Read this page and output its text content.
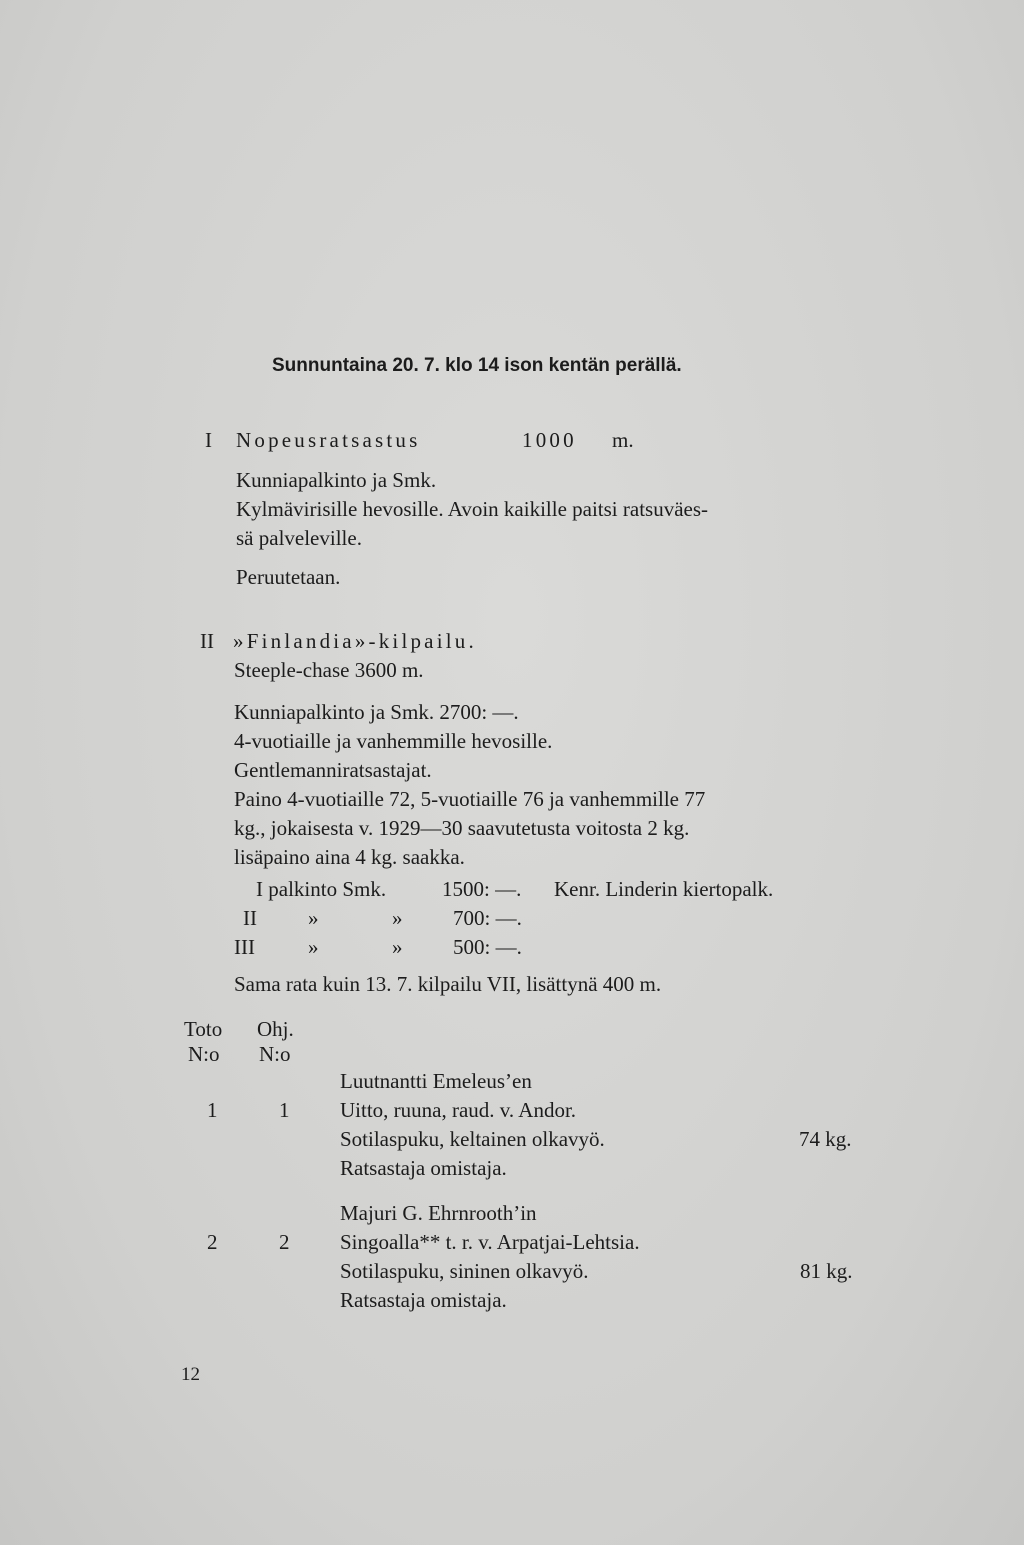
Sunnuntaina 20. 7. klo 14 ison kentän perällä.
I Nopeusratsastus	1000 m.
Kunniapalkinto ja Smk.
Kylmävirisille hevosille. Avoin kaikille paitsi ratsuväes-
sä palveleville.
Peruutetaan.
II »Finlandia»-kilpailu.
Steeple-chase 3600 m.
Kunniapalkinto ja Smk. 2700: —.
4-vuotiaille ja vanhemmille hevosille.
Gentlemanniratsastajat.
Paino 4-vuotiaille 72, 5-vuotiaille 76 ja vanhemmille 77
kg., jokaisesta v. 1929—30 saavutetusta voitosta 2 kg.
lisäpaino aina 4 kg. saakka.
I palkinto Smk.	1500: —. Kenr. Linderin kiertopalk.
II »	» 700: —.
III	»	» 500: —.
Sama rata kuin 13. 7. kilpailu VII, lisättynä 400 m.
Toto Ohj.
N:o N:o
Luutnantti Emeleus’en
1	1 Uitto, ruuna, raud. v. Andor.
Sotilaspuku, keltainen olkavyö.	74 kg.
Ratsastaja omistaja.
Majuri G. Ehrnrooth’in
2	2 Singoalla** t. r. v. Arpatjai-Lehtsia.
Sotilaspuku, sininen olkavyö.	81 kg.
Ratsastaja omistaja.
12
